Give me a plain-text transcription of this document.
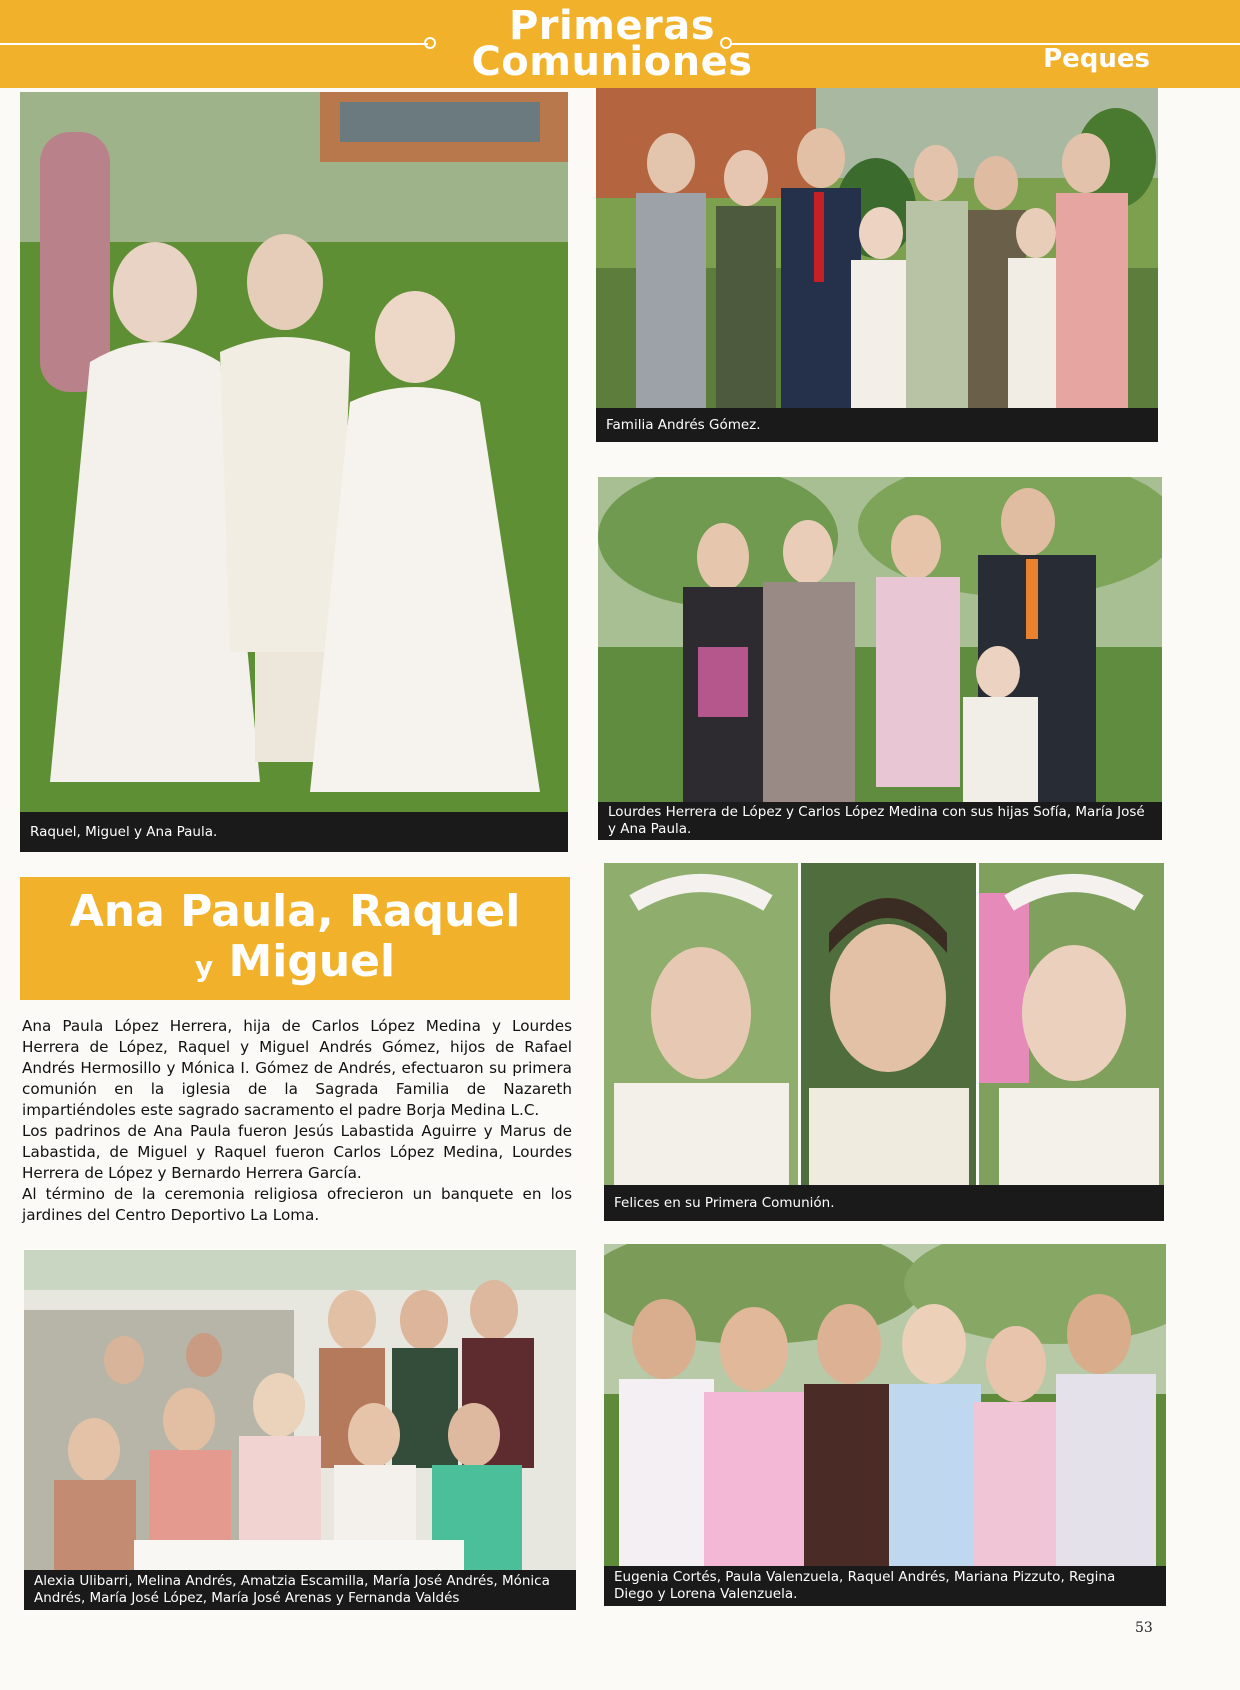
Primeras
Comuniones	Peques
Raquel, Miguel y Ana Paula.
Familia Andrés Gómez.
Lourdes Herrera de López y Carlos López Medina con sus hijas Sofía, María José y Ana Paula.
Ana Paula, Raquel
y Miguel

Ana Paula López Herrera, hija de Carlos López Medina y Lourdes Herrera de López, Raquel y Miguel Andrés Gómez, hijos de Rafael Andrés Hermosillo y Mónica I. Gómez de Andrés, efectuaron su primera comunión en la iglesia de la Sagrada Familia de Nazareth impartiéndoles este sagrado sacramento el padre Borja Medina L.C.

Los padrinos de Ana Paula fueron Jesús Labastida Aguirre y Marus de Labastida, de Miguel y Raquel fueron Carlos López Medina, Lourdes Herrera de López y Bernardo Herrera García.

Al término de la ceremonia religiosa ofrecieron un banquete en los jardines del Centro Deportivo La Loma.

Felices en su Primera Comunión.
Alexia Ulibarri, Melina Andrés, Amatzia Escamilla, María José Andrés, Mónica Andrés, María José López, María José Arenas y Fernanda Valdés
Eugenia Cortés, Paula Valenzuela, Raquel Andrés, Mariana Pizzuto, Regina Diego y Lorena Valenzuela.
53
